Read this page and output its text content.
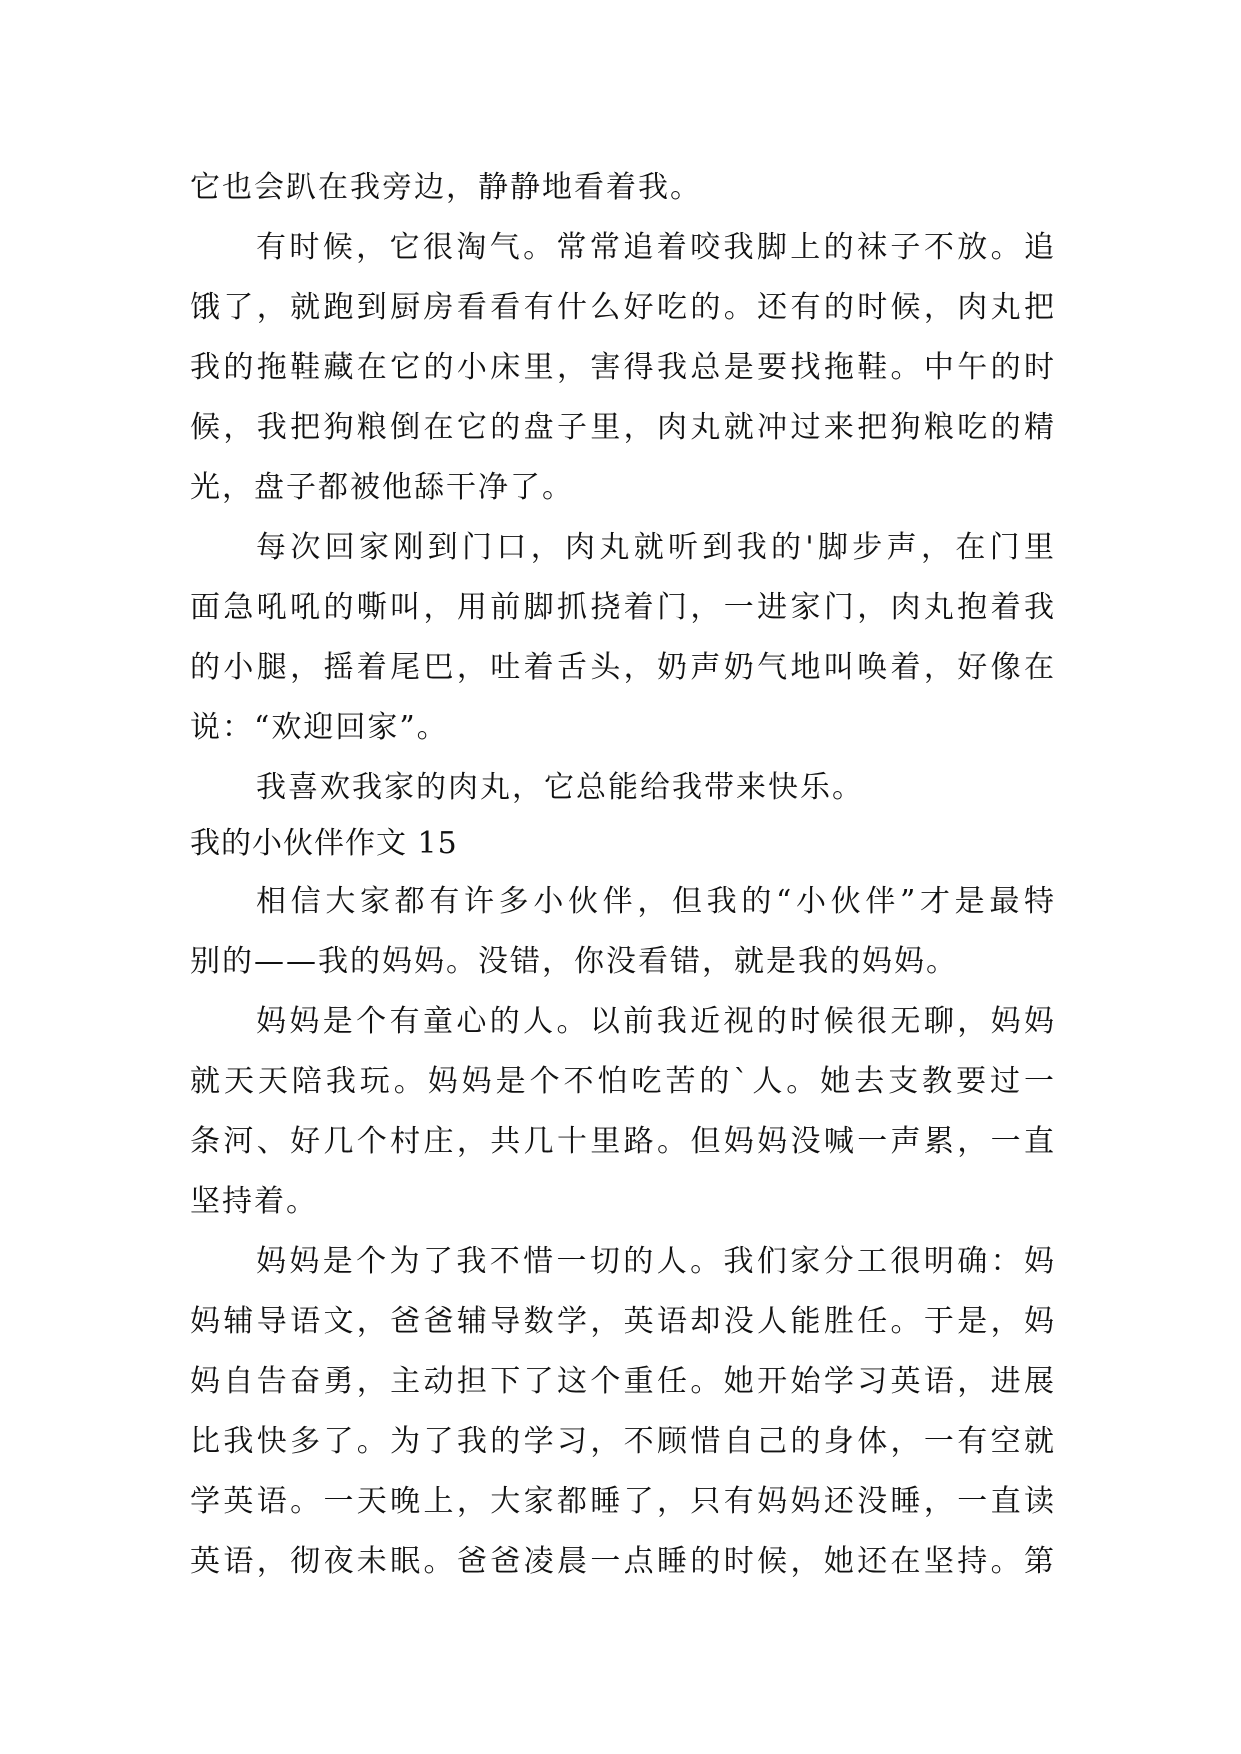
它也会趴在我旁边，静静地看着我。
有时候，它很淘气。常常追着咬我脚上的袜子不放。追
饿了，就跑到厨房看看有什么好吃的。还有的时候，肉丸把
我的拖鞋藏在它的小床里，害得我总是要找拖鞋。中午的时
候，我把狗粮倒在它的盘子里，肉丸就冲过来把狗粮吃的精
光，盘子都被他舔干净了。
每次回家刚到门口，肉丸就听到我的'脚步声，在门里
面急吼吼的嘶叫，用前脚抓挠着门，一进家门，肉丸抱着我
的小腿，摇着尾巴，吐着舌头，奶声奶气地叫唤着，好像在
说：“欢迎回家”。
我喜欢我家的肉丸，它总能给我带来快乐。
我的小伙伴作文 15
相信大家都有许多小伙伴，但我的“小伙伴”才是最特
别的——我的妈妈。没错，你没看错，就是我的妈妈。
妈妈是个有童心的人。以前我近视的时候很无聊，妈妈
就天天陪我玩。妈妈是个不怕吃苦的`人。她去支教要过一
条河、好几个村庄，共几十里路。但妈妈没喊一声累，一直
坚持着。
妈妈是个为了我不惜一切的人。我们家分工很明确：妈
妈辅导语文，爸爸辅导数学，英语却没人能胜任。于是，妈
妈自告奋勇，主动担下了这个重任。她开始学习英语，进展
比我快多了。为了我的学习，不顾惜自己的身体，一有空就
学英语。一天晚上，大家都睡了，只有妈妈还没睡，一直读
英语，彻夜未眠。爸爸凌晨一点睡的时候，她还在坚持。第
